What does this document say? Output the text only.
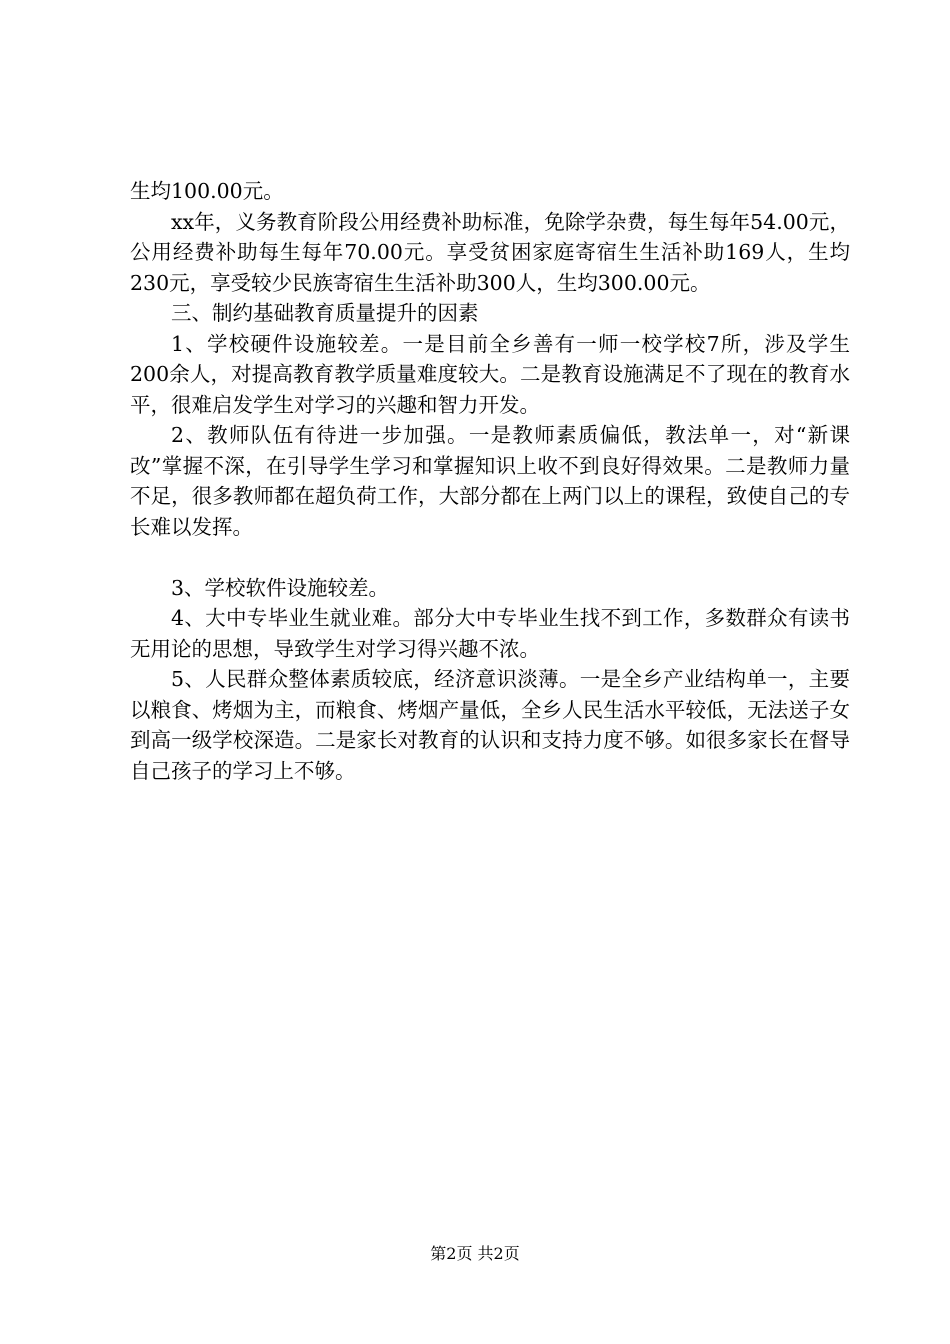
生均100.00元。

xx年，义务教育阶段公用经费补助标准，免除学杂费，每生每年54.00元，公用经费补助每生每年70.00元。享受贫困家庭寄宿生生活补助169人，生均230元，享受较少民族寄宿生生活补助300人，生均300.00元。

三、制约基础教育质量提升的因素

1、学校硬件设施较差。一是目前全乡善有一师一校学校7所，涉及学生200余人，对提高教育教学质量难度较大。二是教育设施满足不了现在的教育水平，很难启发学生对学习的兴趣和智力开发。

2、教师队伍有待进一步加强。一是教师素质偏低，教法单一，对“新课改”掌握不深，在引导学生学习和掌握知识上收不到良好得效果。二是教师力量不足，很多教师都在超负荷工作，大部分都在上两门以上的课程，致使自己的专长难以发挥。

3、学校软件设施较差。

4、大中专毕业生就业难。部分大中专毕业生找不到工作，多数群众有读书无用论的思想，导致学生对学习得兴趣不浓。

5、人民群众整体素质较底，经济意识淡薄。一是全乡产业结构单一，主要以粮食、烤烟为主，而粮食、烤烟产量低，全乡人民生活水平较低，无法送子女到高一级学校深造。二是家长对教育的认识和支持力度不够。如很多家长在督导自己孩子的学习上不够。

第2页 共2页
